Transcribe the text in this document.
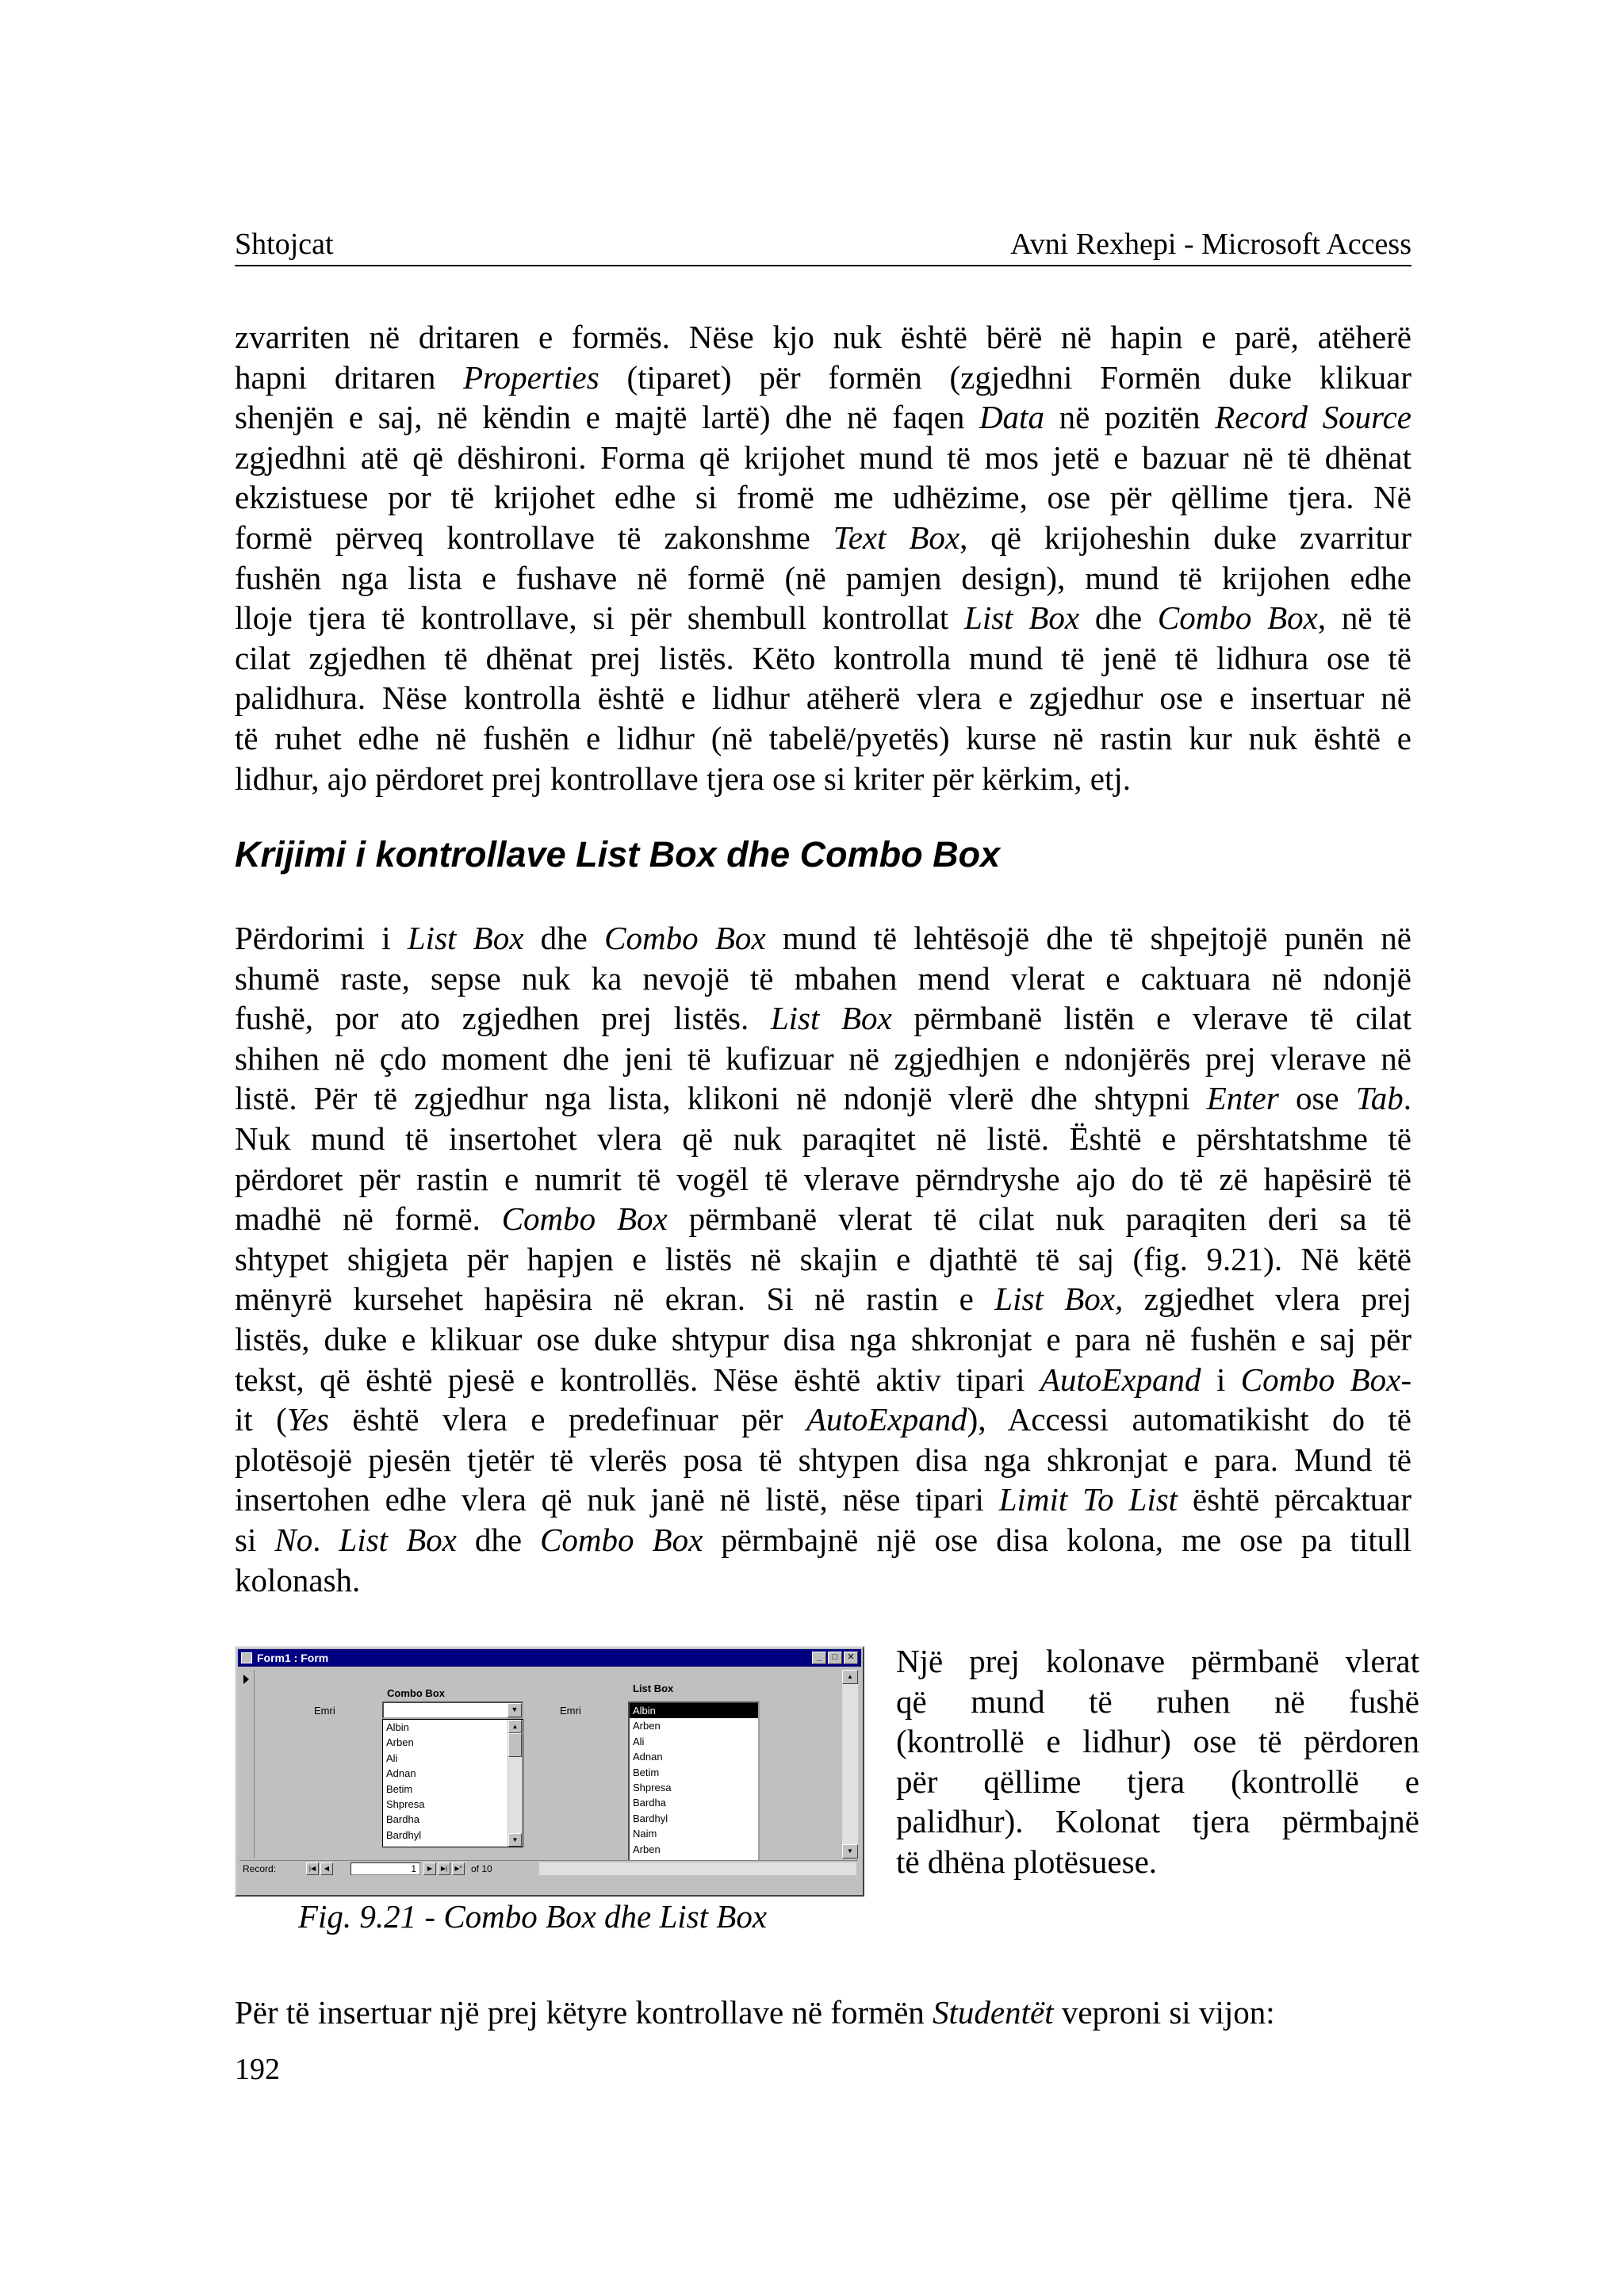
Shtojcat	Avni Rexhepi - Microsoft Access
zvarriten në dritaren e formës. Nëse kjo nuk është bërë në hapin e parë, atëherë
hapni dritaren Properties (tiparet) për formën (zgjedhni Formën duke klikuar
shenjën e saj, në këndin e majtë lartë) dhe në faqen Data në pozitën Record Source
zgjedhni atë që dëshironi. Forma që krijohet mund të mos jetë e bazuar në të dhënat
ekzistuese por të krijohet edhe si fromë me udhëzime, ose për qëllime tjera. Në
formë përveq kontrollave të zakonshme Text Box, që krijoheshin duke zvarritur
fushën nga lista e fushave në formë (në pamjen design), mund të krijohen edhe
lloje tjera të kontrollave, si për shembull kontrollat List Box dhe Combo Box, në të
cilat zgjedhen të dhënat prej listës. Këto kontrolla mund të jenë të lidhura ose të
palidhura. Nëse kontrolla është e lidhur atëherë vlera e zgjedhur ose e insertuar në
të ruhet edhe në fushën e lidhur (në tabelë/pyetës) kurse në rastin kur nuk është e
lidhur, ajo përdoret prej kontrollave tjera ose si kriter për kërkim, etj.
Krijimi i kontrollave List Box dhe Combo Box
Përdorimi i List Box dhe Combo Box mund të lehtësojë dhe të shpejtojë punën në
shumë raste, sepse nuk ka nevojë të mbahen mend vlerat e caktuara në ndonjë
fushë, por ato zgjedhen prej listës. List Box përmbanë listën e vlerave të cilat
shihen në çdo moment dhe jeni të kufizuar në zgjedhjen e ndonjërës prej vlerave në
listë. Për të zgjedhur nga lista, klikoni në ndonjë vlerë dhe shtypni Enter ose Tab.
Nuk mund të insertohet vlera që nuk paraqitet në listë. Është e përshtatshme të
përdoret për rastin e numrit të vogël të vlerave përndryshe ajo do të zë hapësirë të
madhë në formë. Combo Box përmbanë vlerat të cilat nuk paraqiten deri sa të
shtypet shigjeta për hapjen e listës në skajin e djathtë të saj (fig. 9.21). Në këtë
mënyrë kursehet hapësira në ekran. Si në rastin e List Box, zgjedhet vlera prej
listës, duke e klikuar ose duke shtypur disa nga shkronjat e para në fushën e saj për
tekst, që është pjesë e kontrollës. Nëse është aktiv tipari AutoExpand i Combo Box-
it (Yes është vlera e predefinuar për AutoExpand), Accessi automatikisht do të
plotësojë pjesën tjetër të vlerës posa të shtypen disa nga shkronjat e para. Mund të
insertohen edhe vlera që nuk janë në listë, nëse tipari Limit To List është përcaktuar
si No. List Box dhe Combo Box përmbajnë një ose disa kolona, me ose pa titull
kolonash.
Form1 : Form	_	□	✕
Combo Box	List Box
Emri	Emri
▼
Albin
Arben
Ali
Adnan
Betim
Shpresa
Bardha
Bardhyl
▲
▼
Albin
Arben
Ali
Adnan
Betim
Shpresa
Bardha
Bardhyl
Naim
Arben
▲
▼
Record:	|◀	◀	1	▶	▶|	▶* of 10
Fig. 9.21 - Combo Box dhe List Box
Një prej kolonave përmbanë vlerat
që mund të ruhen në fushë
(kontrollë e lidhur) ose të përdoren
për qëllime tjera (kontrollë e
palidhur). Kolonat tjera përmbajnë
të dhëna plotësuese.
Për të insertuar një prej këtyre kontrollave në formën Studentët vepronі si vijon:
192
